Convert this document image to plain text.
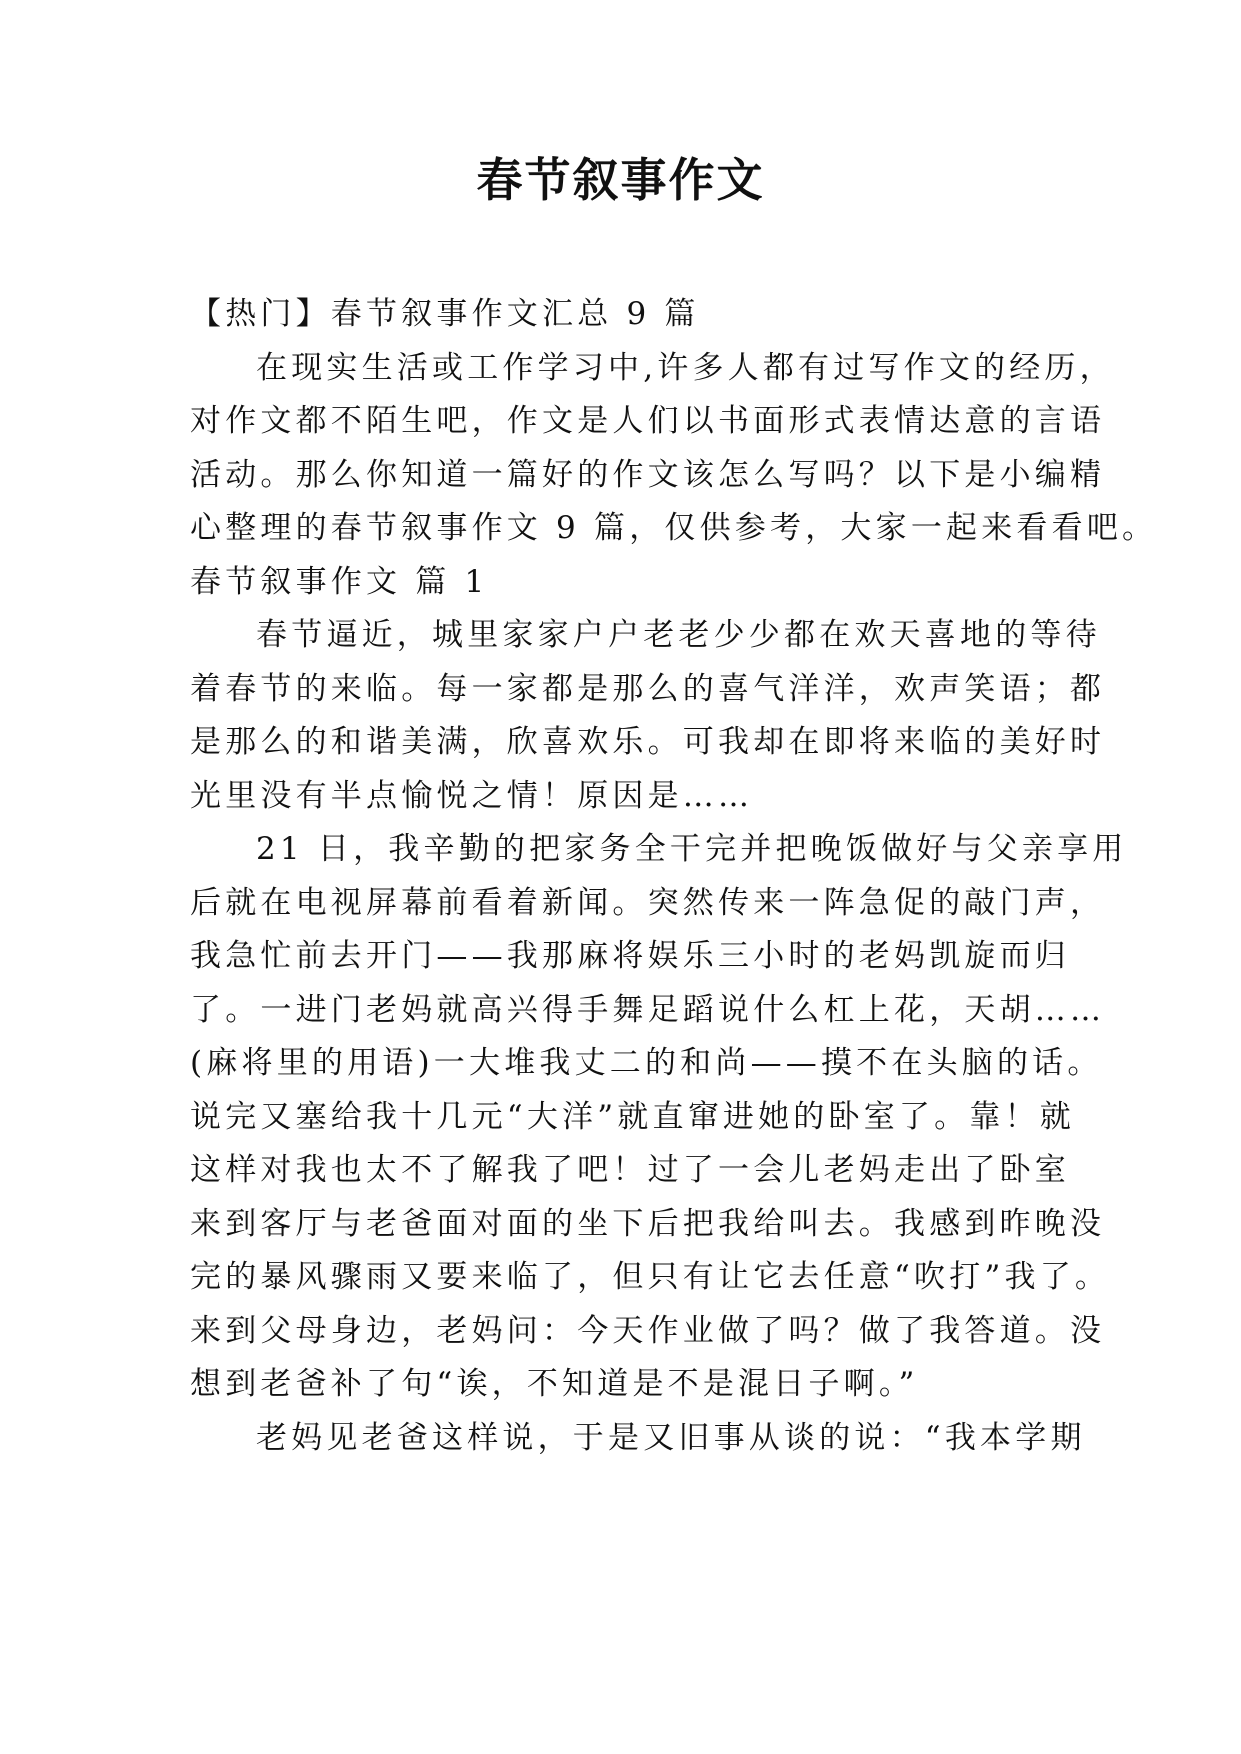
春节叙事作文
【热门】春节叙事作文汇总 9 篇
在现实生活或工作学习中,许多人都有过写作文的经历，
对作文都不陌生吧，作文是人们以书面形式表情达意的言语
活动。那么你知道一篇好的作文该怎么写吗？以下是小编精
心整理的春节叙事作文 9 篇，仅供参考，大家一起来看看吧。
春节叙事作文 篇 1
春节逼近，城里家家户户老老少少都在欢天喜地的等待
着春节的来临。每一家都是那么的喜气洋洋，欢声笑语；都
是那么的和谐美满，欣喜欢乐。可我却在即将来临的美好时
光里没有半点愉悦之情！原因是……
21 日，我辛勤的把家务全干完并把晚饭做好与父亲享用
后就在电视屏幕前看着新闻。突然传来一阵急促的敲门声，
我急忙前去开门——我那麻将娱乐三小时的老妈凯旋而归
了。一进门老妈就高兴得手舞足蹈说什么杠上花，天胡……
(麻将里的用语)一大堆我丈二的和尚——摸不在头脑的话。
说完又塞给我十几元“大洋”就直窜进她的卧室了。靠！就
这样对我也太不了解我了吧！过了一会儿老妈走出了卧室
来到客厅与老爸面对面的坐下后把我给叫去。我感到昨晚没
完的暴风骤雨又要来临了，但只有让它去任意“吹打”我了。
来到父母身边，老妈问：今天作业做了吗？做了我答道。没
想到老爸补了句“诶，不知道是不是混日子啊。”
老妈见老爸这样说，于是又旧事从谈的说：“我本学期
